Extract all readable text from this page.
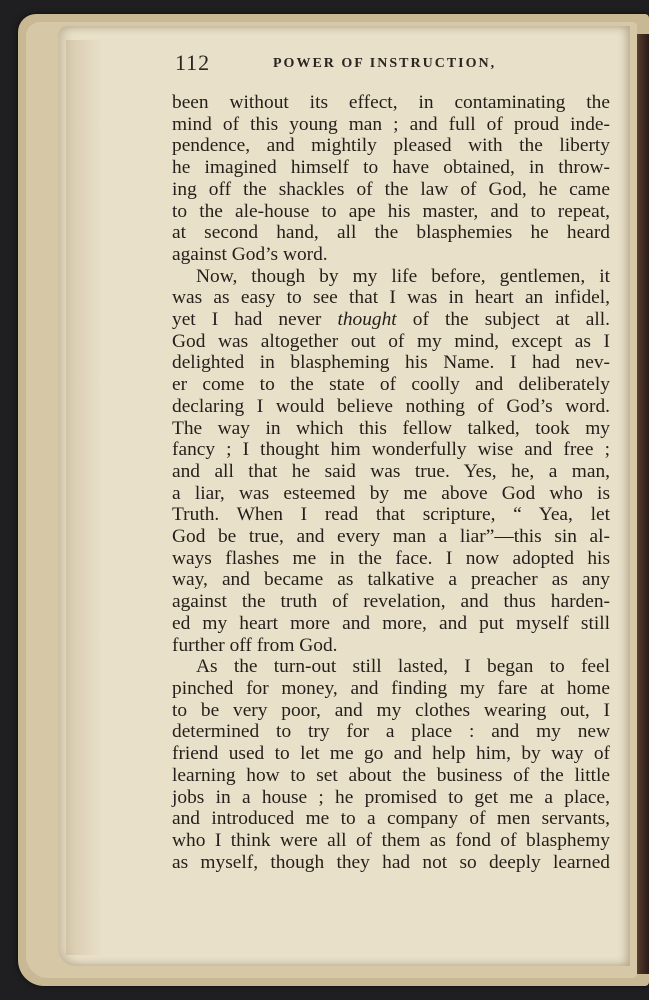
112	POWER OF INSTRUCTION,
been without its effect, in contaminating the
mind of this young man ; and full of proud inde-
pendence, and mightily pleased with the liberty
he imagined himself to have obtained, in throw-
ing off the shackles of the law of God, he came
to the ale-house to ape his master, and to repeat,
at second hand, all the blasphemies he heard
against God’s word.
Now, though by my life before, gentlemen, it
was as easy to see that I was in heart an infidel,
yet I had never thought of the subject at all.
God was altogether out of my mind, except as I
delighted in blaspheming his Name. I had nev-
er come to the state of coolly and deliberately
declaring I would believe nothing of God’s word.
The way in which this fellow talked, took my
fancy ; I thought him wonderfully wise and free ;
and all that he said was true. Yes, he, a man,
a liar, was esteemed by me above God who is
Truth. When I read that scripture, “ Yea, let
God be true, and every man a liar”—this sin al-
ways flashes me in the face. I now adopted his
way, and became as talkative a preacher as any
against the truth of revelation, and thus harden-
ed my heart more and more, and put myself still
further off from God.
As the turn-out still lasted, I began to feel
pinched for money, and finding my fare at home
to be very poor, and my clothes wearing out, I
determined to try for a place : and my new
friend used to let me go and help him, by way of
learning how to set about the business of the little
jobs in a house ; he promised to get me a place,
and introduced me to a company of men servants,
who I think were all of them as fond of blasphemy
as myself, though they had not so deeply learned
